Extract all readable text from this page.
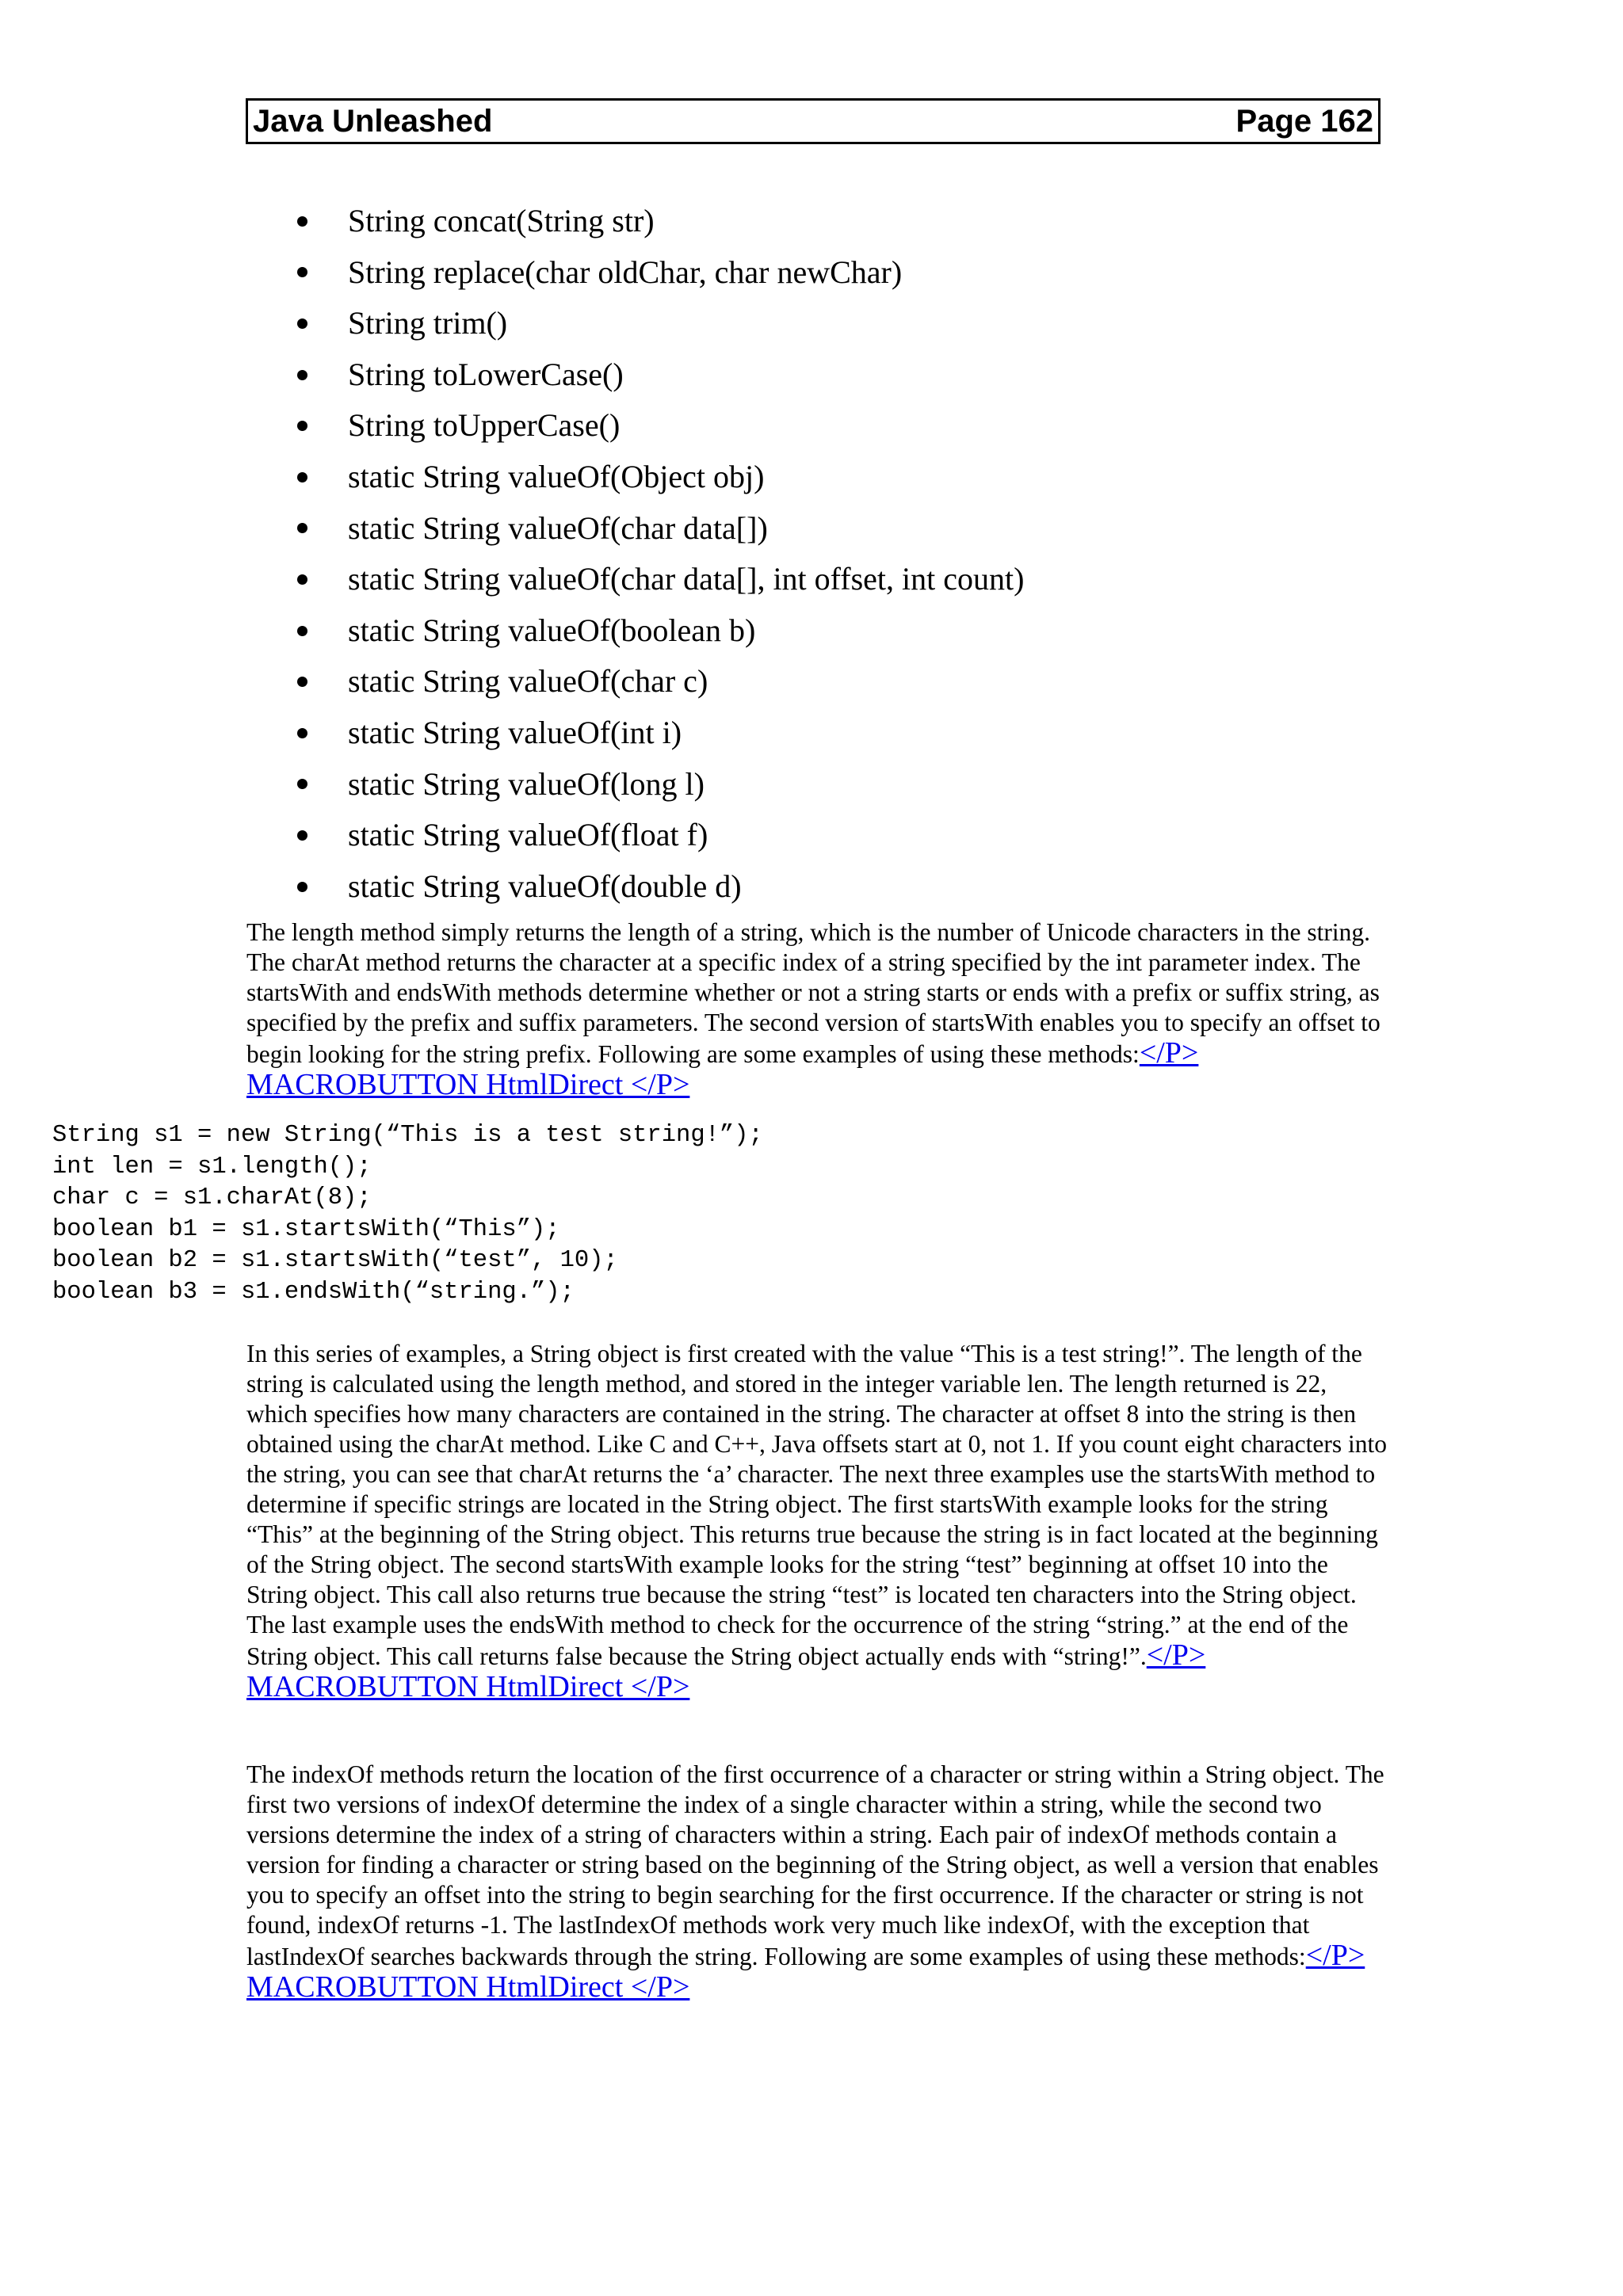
Java Unleashed	Page 162
String concat(String str)
String replace(char oldChar, char newChar)
String trim()
String toLowerCase()
String toUpperCase()
static String valueOf(Object obj)
static String valueOf(char data[])
static String valueOf(char data[], int offset, int count)
static String valueOf(boolean b)
static String valueOf(char c)
static String valueOf(int i)
static String valueOf(long l)
static String valueOf(float f)
static String valueOf(double d)

The length method simply returns the length of a string, which is the number of Unicode characters in the string. The charAt method returns the character at a specific index of a string specified by the int parameter index. The startsWith and endsWith methods determine whether or not a string starts or ends with a prefix or suffix string, as specified by the prefix and suffix parameters. The second version of startsWith enables you to specify an offset to begin looking for the string prefix. Following are some examples of using these methods:</P> MACROBUTTON HtmlDirect </P>

String s1 = new String(“This is a test string!”);
int len = s1.length();
char c = s1.charAt(8);
boolean b1 = s1.startsWith(“This”);
boolean b2 = s1.startsWith(“test”, 10);
boolean b3 = s1.endsWith(“string.”);

In this series of examples, a String object is first created with the value “This is a test string!”. The length of the string is calculated using the length method, and stored in the integer variable len. The length returned is 22, which specifies how many characters are contained in the string. The character at offset 8 into the string is then obtained using the charAt method. Like C and C++, Java offsets start at 0, not 1. If you count eight characters into the string, you can see that charAt returns the ‘a’ character. The next three examples use the startsWith method to determine if specific strings are located in the String object. The first startsWith example looks for the string “This” at the beginning of the String object. This returns true because the string is in fact located at the beginning of the String object. The second startsWith example looks for the string “test” beginning at offset 10 into the String object. This call also returns true because the string “test” is located ten characters into the String object. The last example uses the endsWith method to check for the occurrence of the string “string.” at the end of the String object. This call returns false because the String object actually ends with “string!”.</P> MACROBUTTON HtmlDirect </P>

The indexOf methods return the location of the first occurrence of a character or string within a String object. The first two versions of indexOf determine the index of a single character within a string, while the second two versions determine the index of a string of characters within a string. Each pair of indexOf methods contain a version for finding a character or string based on the beginning of the String object, as well a version that enables you to specify an offset into the string to begin searching for the first occurrence. If the character or string is not found, indexOf returns -1. The lastIndexOf methods work very much like indexOf, with the exception that lastIndexOf searches backwards through the string. Following are some examples of using these methods:</P> MACROBUTTON HtmlDirect </P>
